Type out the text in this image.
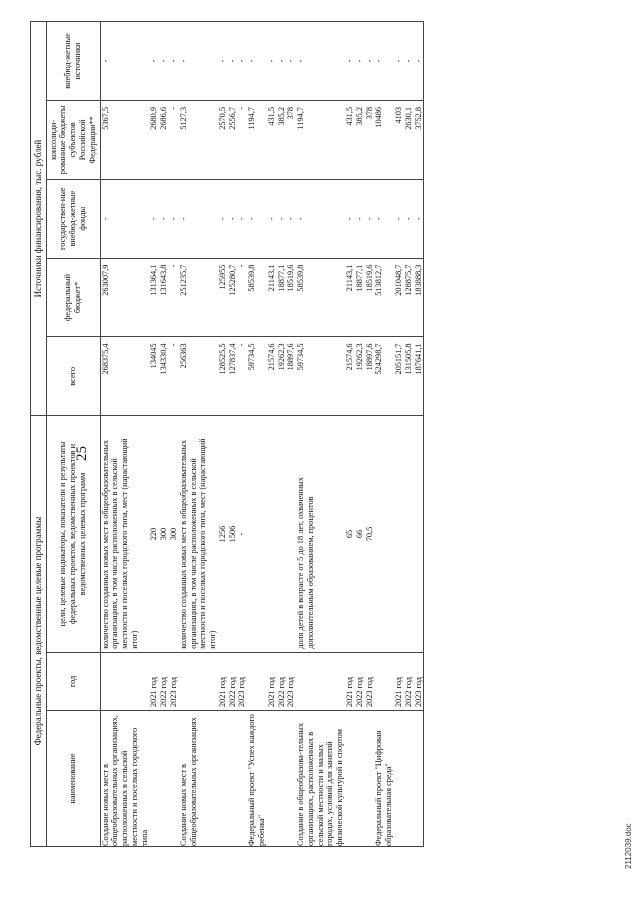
25
2112039.doc
Федеральные проекты, ведомственные целевые программы			Источники финансирования, тыс. рублей				
наименование	год	цели, целевые индикаторы, показатели и результаты федеральных проектов, ведомственных проектов и ведомственных целевых программ	всего	федеральный бюджет*	государствен-ные внебюд-жетные фонды	консолиди-рованные бюджеты субъектов Российской Федерации**	внебюд-жетные источники
Создание новых мест в общеобразовательных организациях, расположенных в сельской местности и поселках городского типа		количество созданных новых мест в общеобразовательных организациях, в том числе расположенных в сельской местности и поселках городского типа, мест (нарастающий итог)	268375,4	263007,9	-	5367,5	-
	2021 год	220	134045	131364,1	-	2680,9	-
	2022 год	300	134330,4	131643,8	-	2686,6	-
	2023 год	300	-	-	-	-	-
Создание новых мест в общеобразовательных организациях		количество созданных новых мест в общеобразовательных организациях, в том числе расположенных в сельской местности и поселках городского типа, мест (нарастающий итог)	256363	251235,7	-	5127,3	-
	2021 год	1256	128525,5	125955	-	2570,5	-
	2022 год	1506	127837,4	125280,7	-	2556,7	-
	2023 год	-	-	-	-	-	-
Федеральный проект "Успех каждого ребенка"			59734,5	58539,8	-	1194,7	-
	2021 год		21574,6	21143,1	-	431,5	-
	2022 год		19262,3	18877,1	-	385,2	-
	2023 год		18897,6	18519,6	-	378	-
Создание в общеобразова-тельных организациях, расположенных в сельской местности и малых городах, условий для занятий физической культурой и спортом		доля детей в возрасте от 5 до 18 лет, охваченных дополнительным образованием, процентов	59734,5	58539,8	-	1194,7	-
	2021 год	65	21574,6	21143,1	-	431,5	-
	2022 год	66	19262,3	18877,1	-	385,2	-
	2023 год	70,5	18897,6	18519,6	-	378	-
Федеральный проект "Цифровая образовательная среда"			524298,7	513812,7	-	10486	-
	2021 год		205151,7	201048,7	-	4103	-
	2022 год		131505,8	128875,7	-	2630,1	-
	2023 год		187641,1	183888,3	-	3752,8	-
